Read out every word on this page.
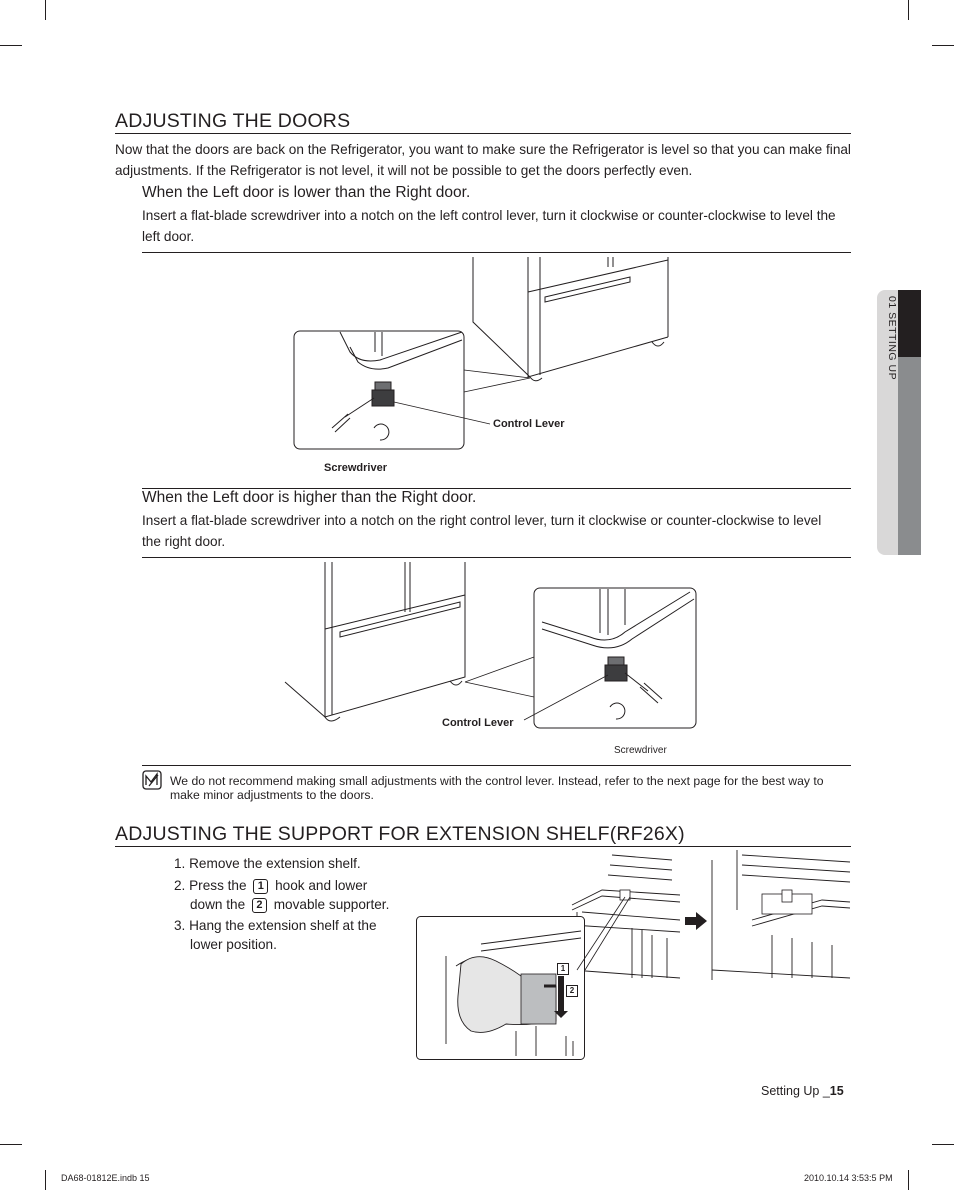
01 SETTING UP
ADJUSTING THE DOORS
Now that the doors are back on the Refrigerator, you want to make sure the Refrigerator is level so that you can make final adjustments. If the Refrigerator is not level, it will not be possible to get the doors perfectly even.
When the Left door is lower than the Right door.
Insert a flat-blade screwdriver into a notch on the left control lever, turn it clockwise or counter-clockwise to level the left door.
Control Lever
Screwdriver
When the Left door is higher than the Right door.
Insert a flat-blade screwdriver into a notch on the right control lever, turn it clockwise or counter-clockwise to level the right door.
Control Lever
Screwdriver
We do not recommend making small adjustments with the control lever. Instead, refer to the next page for the best way to make minor adjustments to the doors.
ADJUSTING THE SUPPORT FOR EXTENSION SHELF(RF26X)
1. Remove the extension shelf.
2. Press the 1 hook and lower
down the 2 movable supporter.
3. Hang the extension shelf at the
lower position.
1
2
Setting Up _15
DA68-01812E.indb 15	2010.10.14 3:53:5 PM
